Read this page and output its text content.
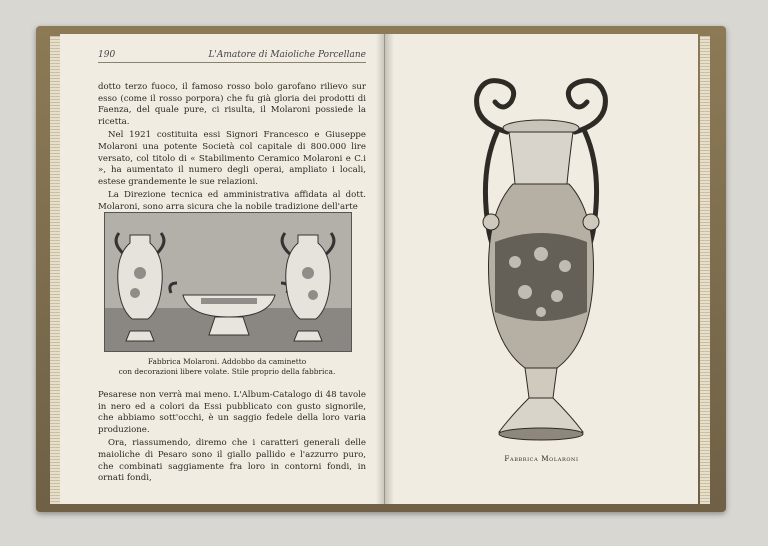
190	L'Amatore di Maioliche Porcellane

dotto terzo fuoco, il famoso rosso bolo garofano rilievo sur esso (come il rosso porpora) che fu già gloria dei prodotti di Faenza, del quale pure, ci risulta, il Molaroni possiede la ricetta.

Nel 1921 costituita essi Signori Francesco e Giuseppe Molaroni una potente Società col capitale di 800.000 lire versato, col titolo di « Stabilimento Ceramico Molaroni e C.i », ha aumentato il numero degli operai, ampliato i locali, estese grandemente le sue relazioni.

La Direzione tecnica ed amministrativa affidata al dott. Molaroni, sono arra sicura che la nobile tradizione dell'arte

Fabbrica Molaroni. Addobbo da caminetto
con decorazioni libere volate. Stile proprio della fabbrica.

Pesarese non verrà mai meno. L'Album-Catalogo di 48 tavole in nero ed a colori da Essi pubblicato con gusto signorile, che abbiamo sott'occhi, è un saggio fedele della loro varia produzione.

Ora, riassumendo, diremo che i caratteri generali delle maioliche di Pesaro sono il giallo pallido e l'azzurro puro, che combinati saggiamente fra loro in contorni fondi, in ornati fondi,

Fabbrica Molaroni
